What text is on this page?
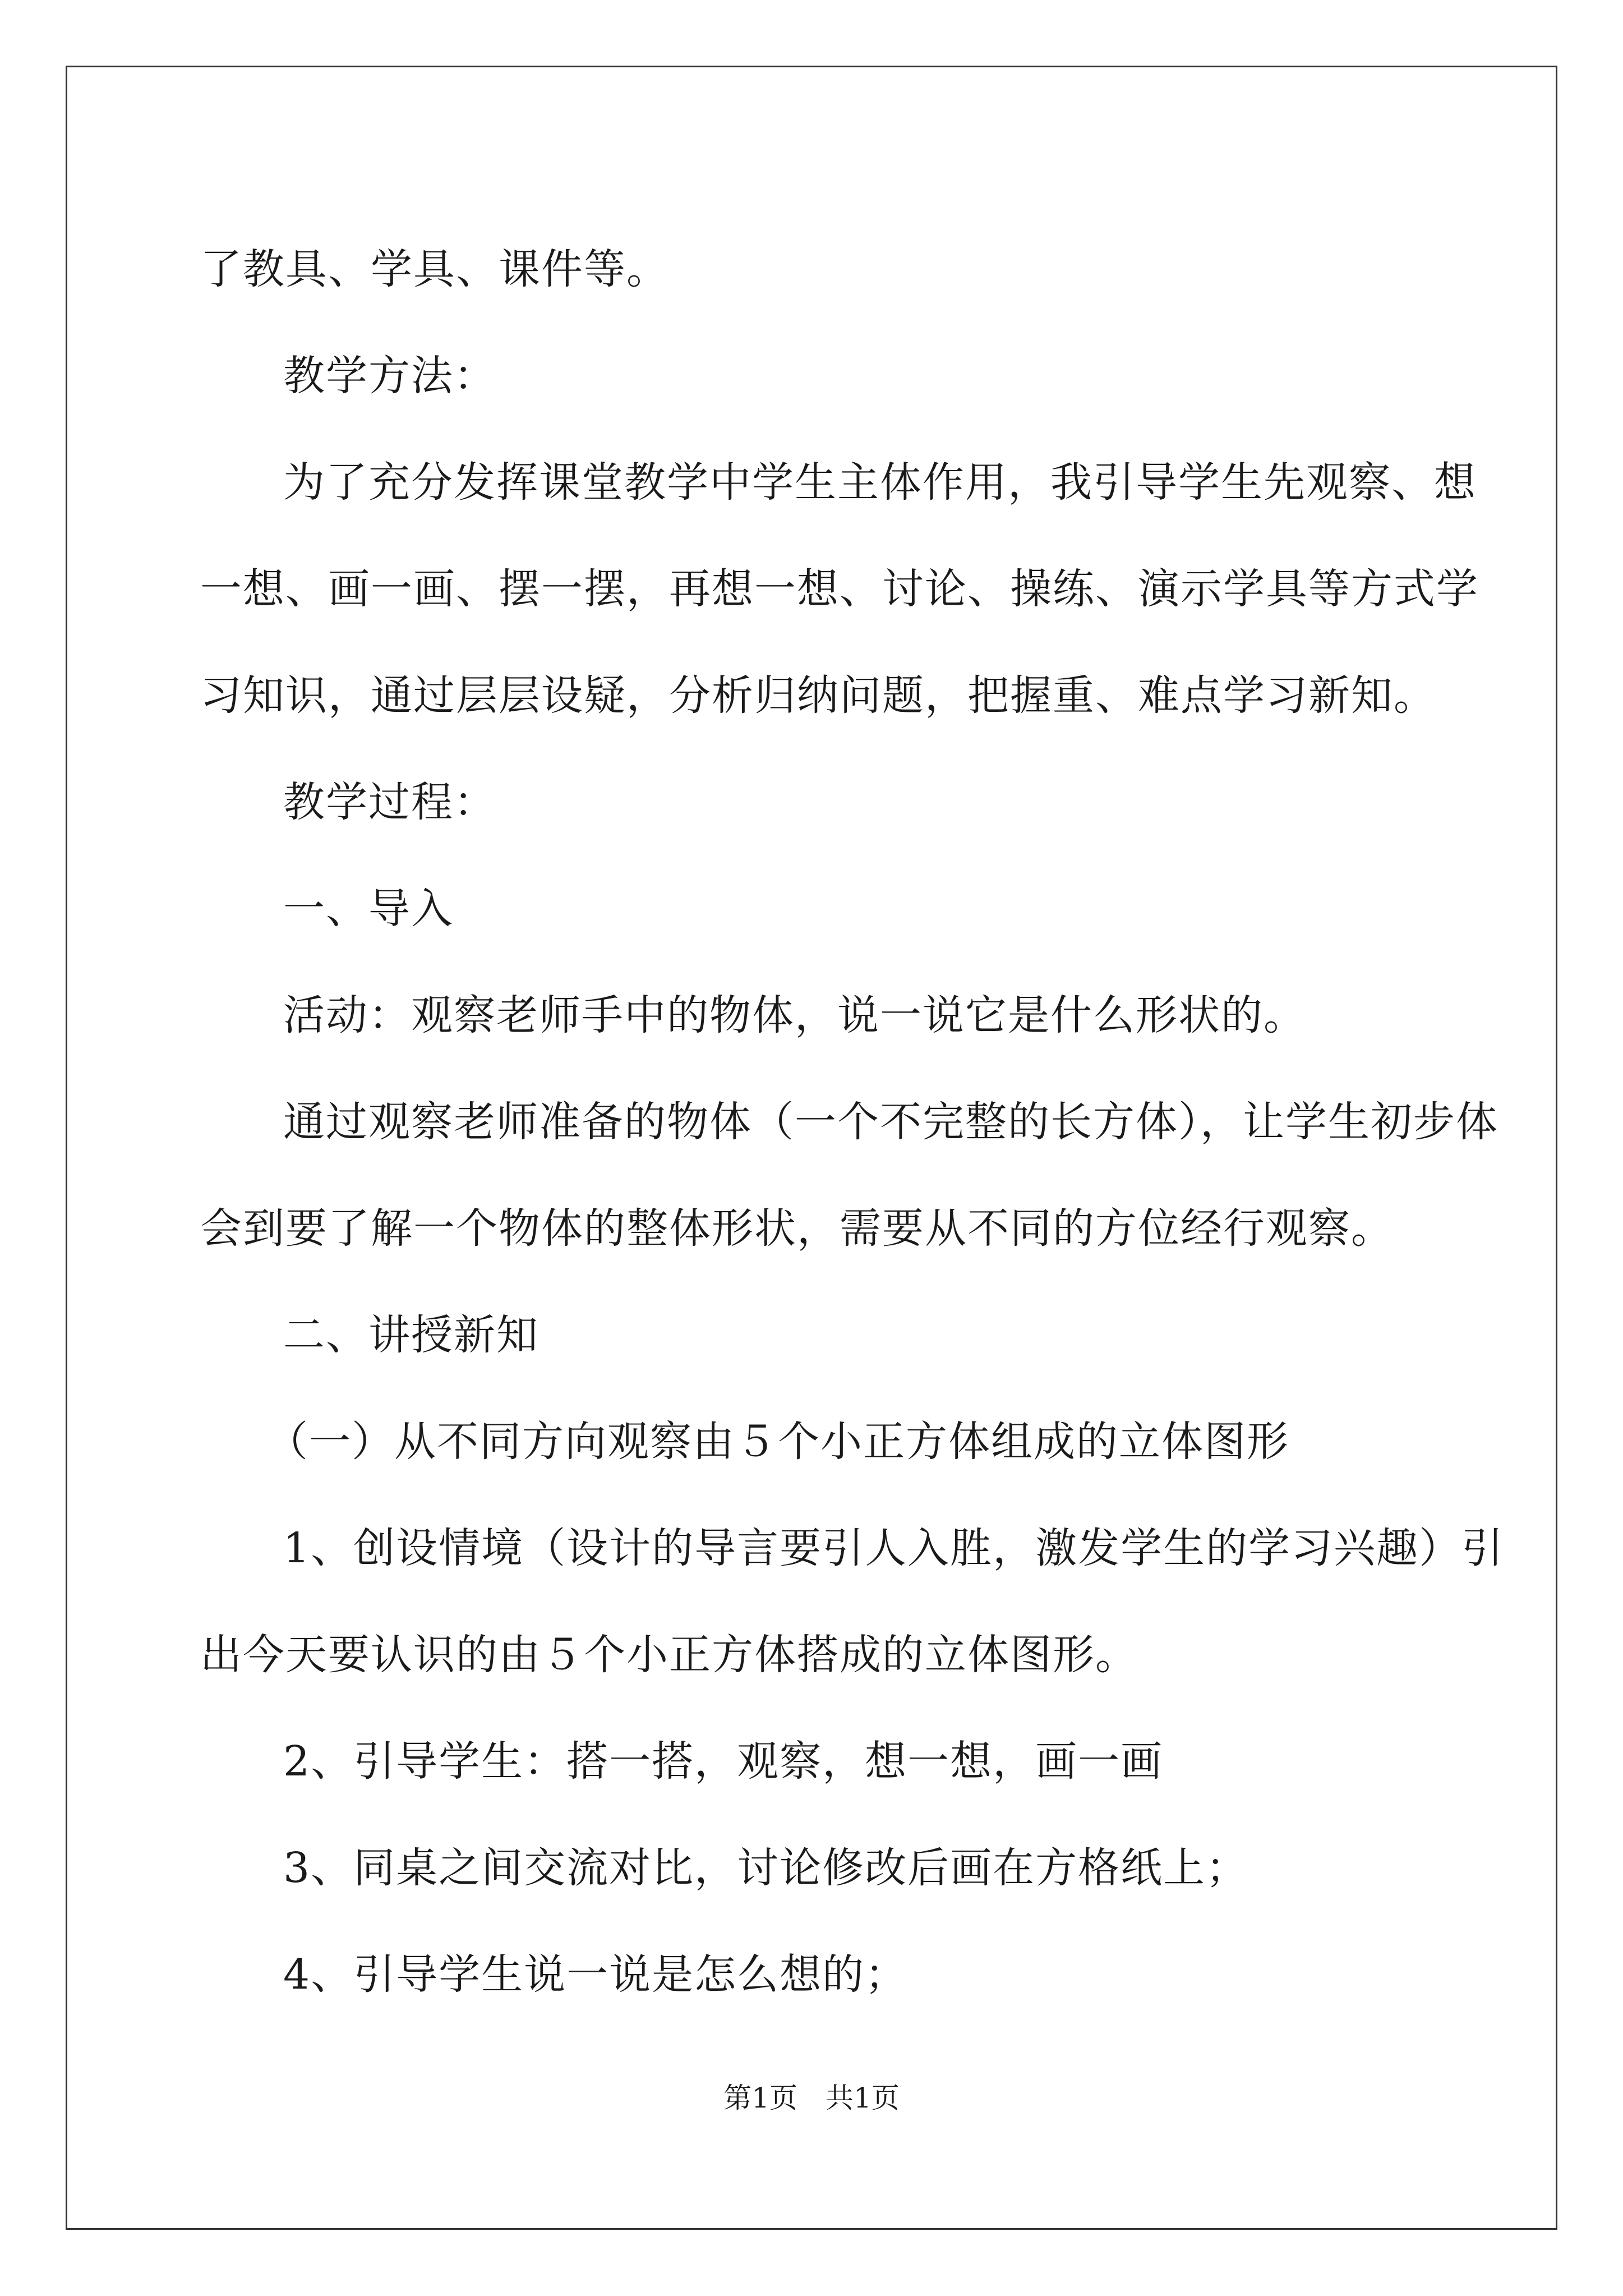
了教具、学具、课件等。

教学方法：

为了充分发挥课堂教学中学生主体作用，我引导学生先观察、想

一想、画一画、摆一摆，再想一想、讨论、操练、演示学具等方式学

习知识，通过层层设疑，分析归纳问题，把握重、难点学习新知。

教学过程：

一、导入

活动：观察老师手中的物体，说一说它是什么形状的。

通过观察老师准备的物体（一个不完整的长方体），让学生初步体

会到要了解一个物体的整体形状，需要从不同的方位经行观察。

二、讲授新知

（一）从不同方向观察由５个小正方体组成的立体图形

1、创设情境（设计的导言要引人入胜，激发学生的学习兴趣）引

出今天要认识的由５个小正方体搭成的立体图形。

2、引导学生：搭一搭，观察，想一想，画一画

3、同桌之间交流对比，讨论修改后画在方格纸上；

4、引导学生说一说是怎么想的；

第1页 共1页
